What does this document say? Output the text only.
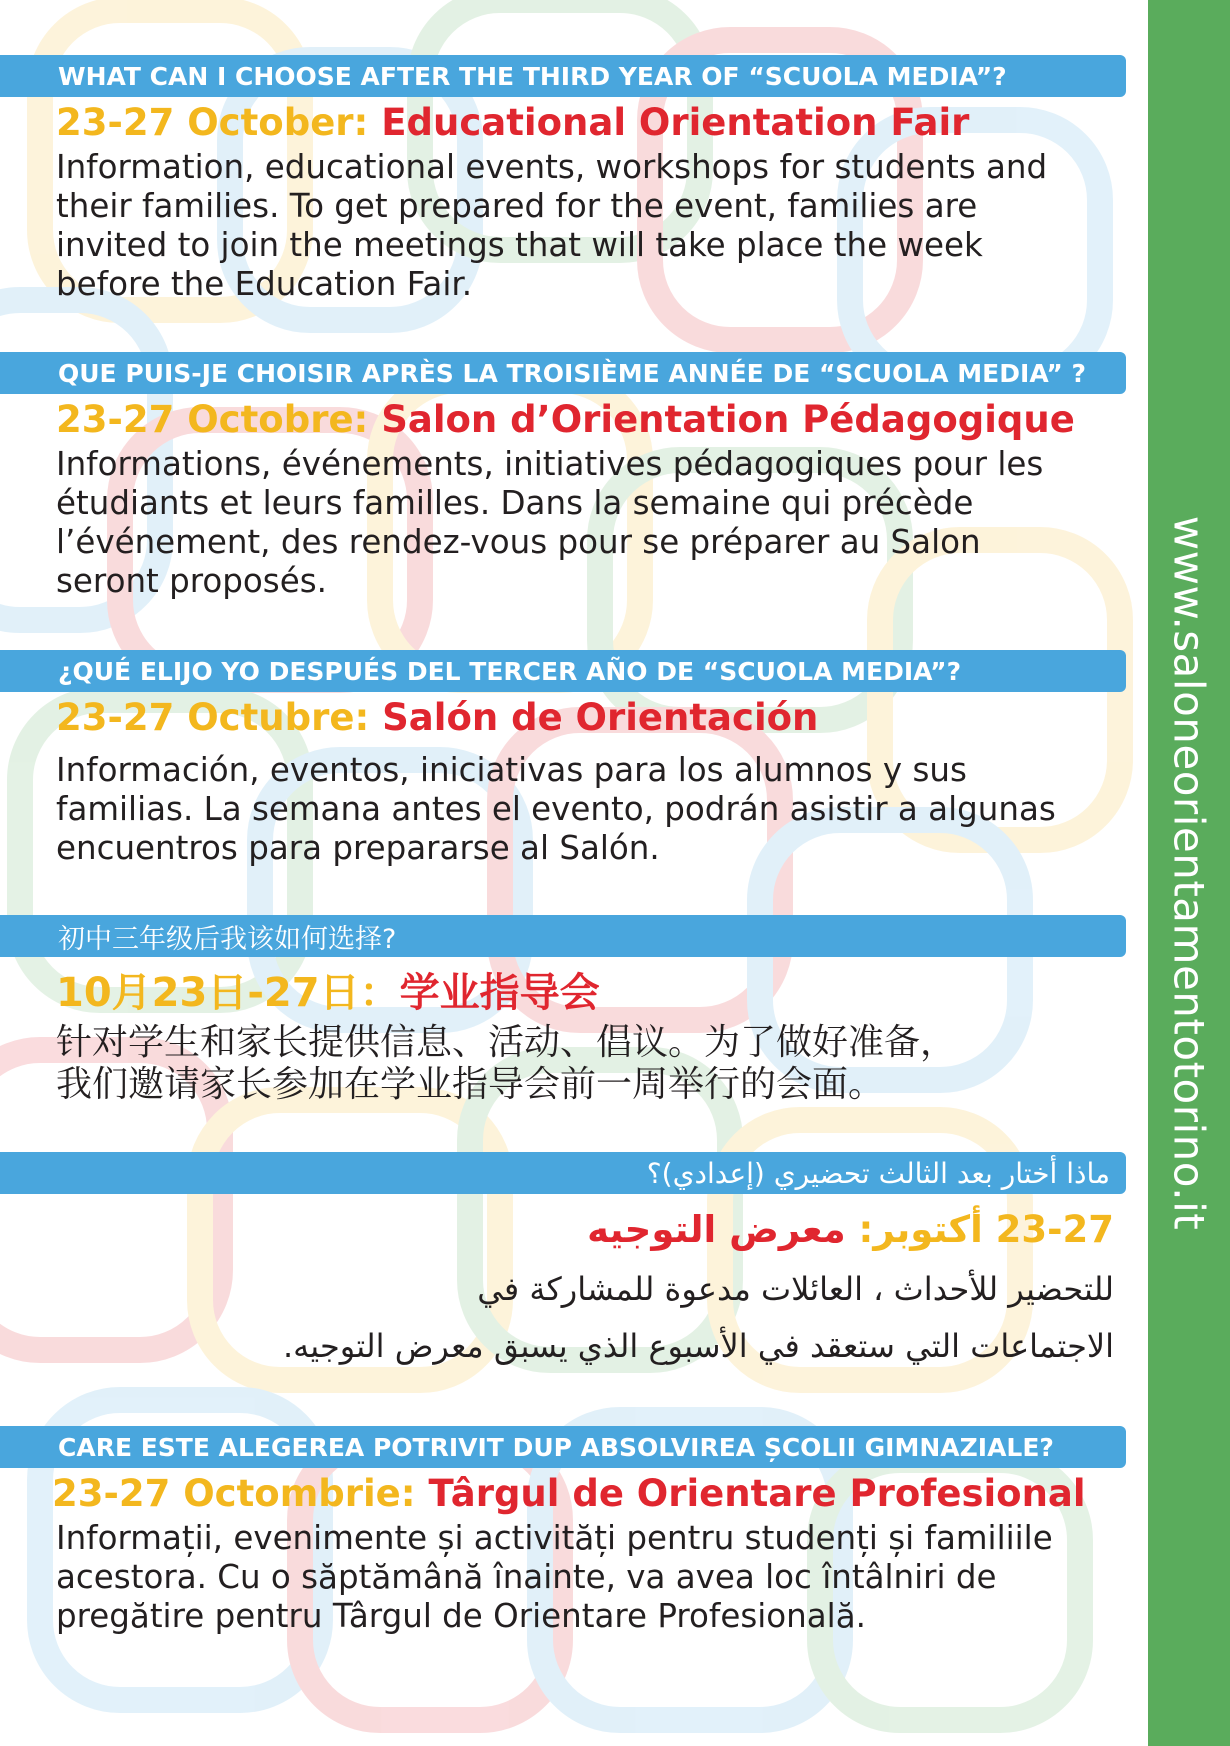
www.saloneorientamentotorino.it
WHAT CAN I CHOOSE AFTER THE THIRD YEAR OF “SCUOLA MEDIA”?
23-27 October: Educational Orientation Fair
Information, educational events, workshops for students and
their families. To get prepared for the event, families are
invited to join the meetings that will take place the week
before the Education Fair.
QUE PUIS-JE CHOISIR APRÈS LA TROISIÈME ANNÉE DE “SCUOLA MEDIA” ?
23-27 Octobre: Salon d’Orientation Pédagogique
Informations, événements, initiatives pédagogiques pour les
étudiants et leurs familles. Dans la semaine qui précède
l’événement, des rendez-vous pour se préparer au Salon
seront proposés.
¿QUÉ ELIJO YO DESPUÉS DEL TERCER AÑO DE “SCUOLA MEDIA”?
23-27 Octubre: Salón de Orientación
Información, eventos, iniciativas para los alumnos y sus
familias. La semana antes el evento, podrán asistir a algunas
encuentros para prepararse al Salón.
初中三年级后我该如何选择?
10月23日-27日：学业指导会
针对学生和家长提供信息、活动、倡议。为了做好准备，
我们邀请家长参加在学业指导会前一周举行的会面。
ماذا أختار بعد الثالث تحضيري (إعدادي)؟
23-27 أكتوبر: معرض التوجيه
للتحضير للأحداث ، العائلات مدعوة للمشاركة في
الاجتماعات التي ستعقد في الأسبوع الذي يسبق معرض التوجيه.
CARE ESTE ALEGEREA POTRIVIT DUP ABSOLVIREA ȘCOLII GIMNAZIALE?
23-27 Octombrie: Târgul de Orientare Profesional
Informații, evenimente și activități pentru studenți și familiile
acestora. Cu o săptămână înainte, va avea loc întâlniri de
pregătire pentru Târgul de Orientare Profesională.
